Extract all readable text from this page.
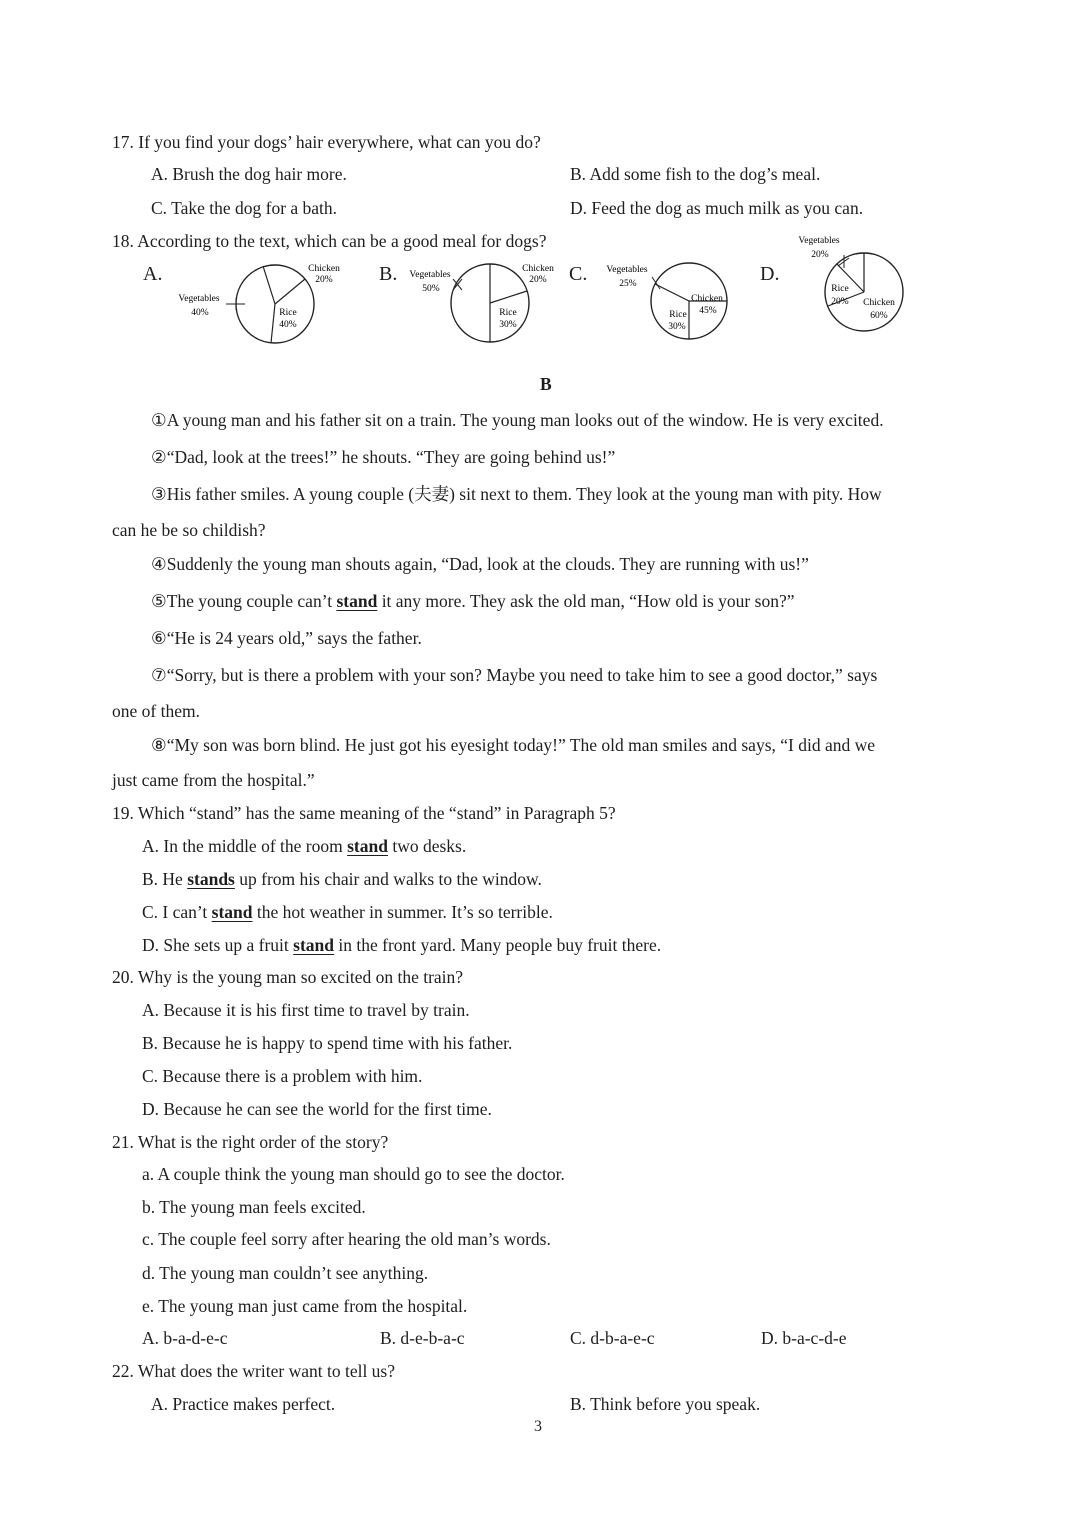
17. If you find your dogs’ hair everywhere, what can you do?
A. Brush the dog hair more.	B. Add some fish to the dog’s meal.
C. Take the dog for a bath.	D. Feed the dog as much milk as you can.
18. According to the text, which can be a good meal for dogs?
A.	B.	C.	D.
Chicken
20%
Rice
40%
Vegetables
40%
Chicken
20%
Rice
30%
Vegetables
50%
Chicken
45%
Rice
30%
Vegetables
25%
Vegetables
20%
Chicken
60%
Rice
20%
B
①A young man and his father sit on a train. The young man looks out of the window. He is very excited.
②“Dad, look at the trees!” he shouts. “They are going behind us!”
③His father smiles. A young couple (夫妻) sit next to them. They look at the young man with pity. How
can he be so childish?
④Suddenly the young man shouts again, “Dad, look at the clouds. They are running with us!”
⑤The young couple can’t stand it any more. They ask the old man, “How old is your son?”
⑥“He is 24 years old,” says the father.
⑦“Sorry, but is there a problem with your son? Maybe you need to take him to see a good doctor,” says
one of them.
⑧“My son was born blind. He just got his eyesight today!” The old man smiles and says, “I did and we
just came from the hospital.”
19. Which “stand” has the same meaning of the “stand” in Paragraph 5?
A. In the middle of the room stand two desks.
B. He stands up from his chair and walks to the window.
C. I can’t stand the hot weather in summer. It’s so terrible.
D. She sets up a fruit stand in the front yard. Many people buy fruit there.
20. Why is the young man so excited on the train?
A. Because it is his first time to travel by train.
B. Because he is happy to spend time with his father.
C. Because there is a problem with him.
D. Because he can see the world for the first time.
21. What is the right order of the story?
a. A couple think the young man should go to see the doctor.
b. The young man feels excited.
c. The couple feel sorry after hearing the old man’s words.
d. The young man couldn’t see anything.
e. The young man just came from the hospital.
A. b-a-d-e-c	B. d-e-b-a-c	C. d-b-a-e-c	D. b-a-c-d-e
22. What does the writer want to tell us?
A. Practice makes perfect.	B. Think before you speak.
3
